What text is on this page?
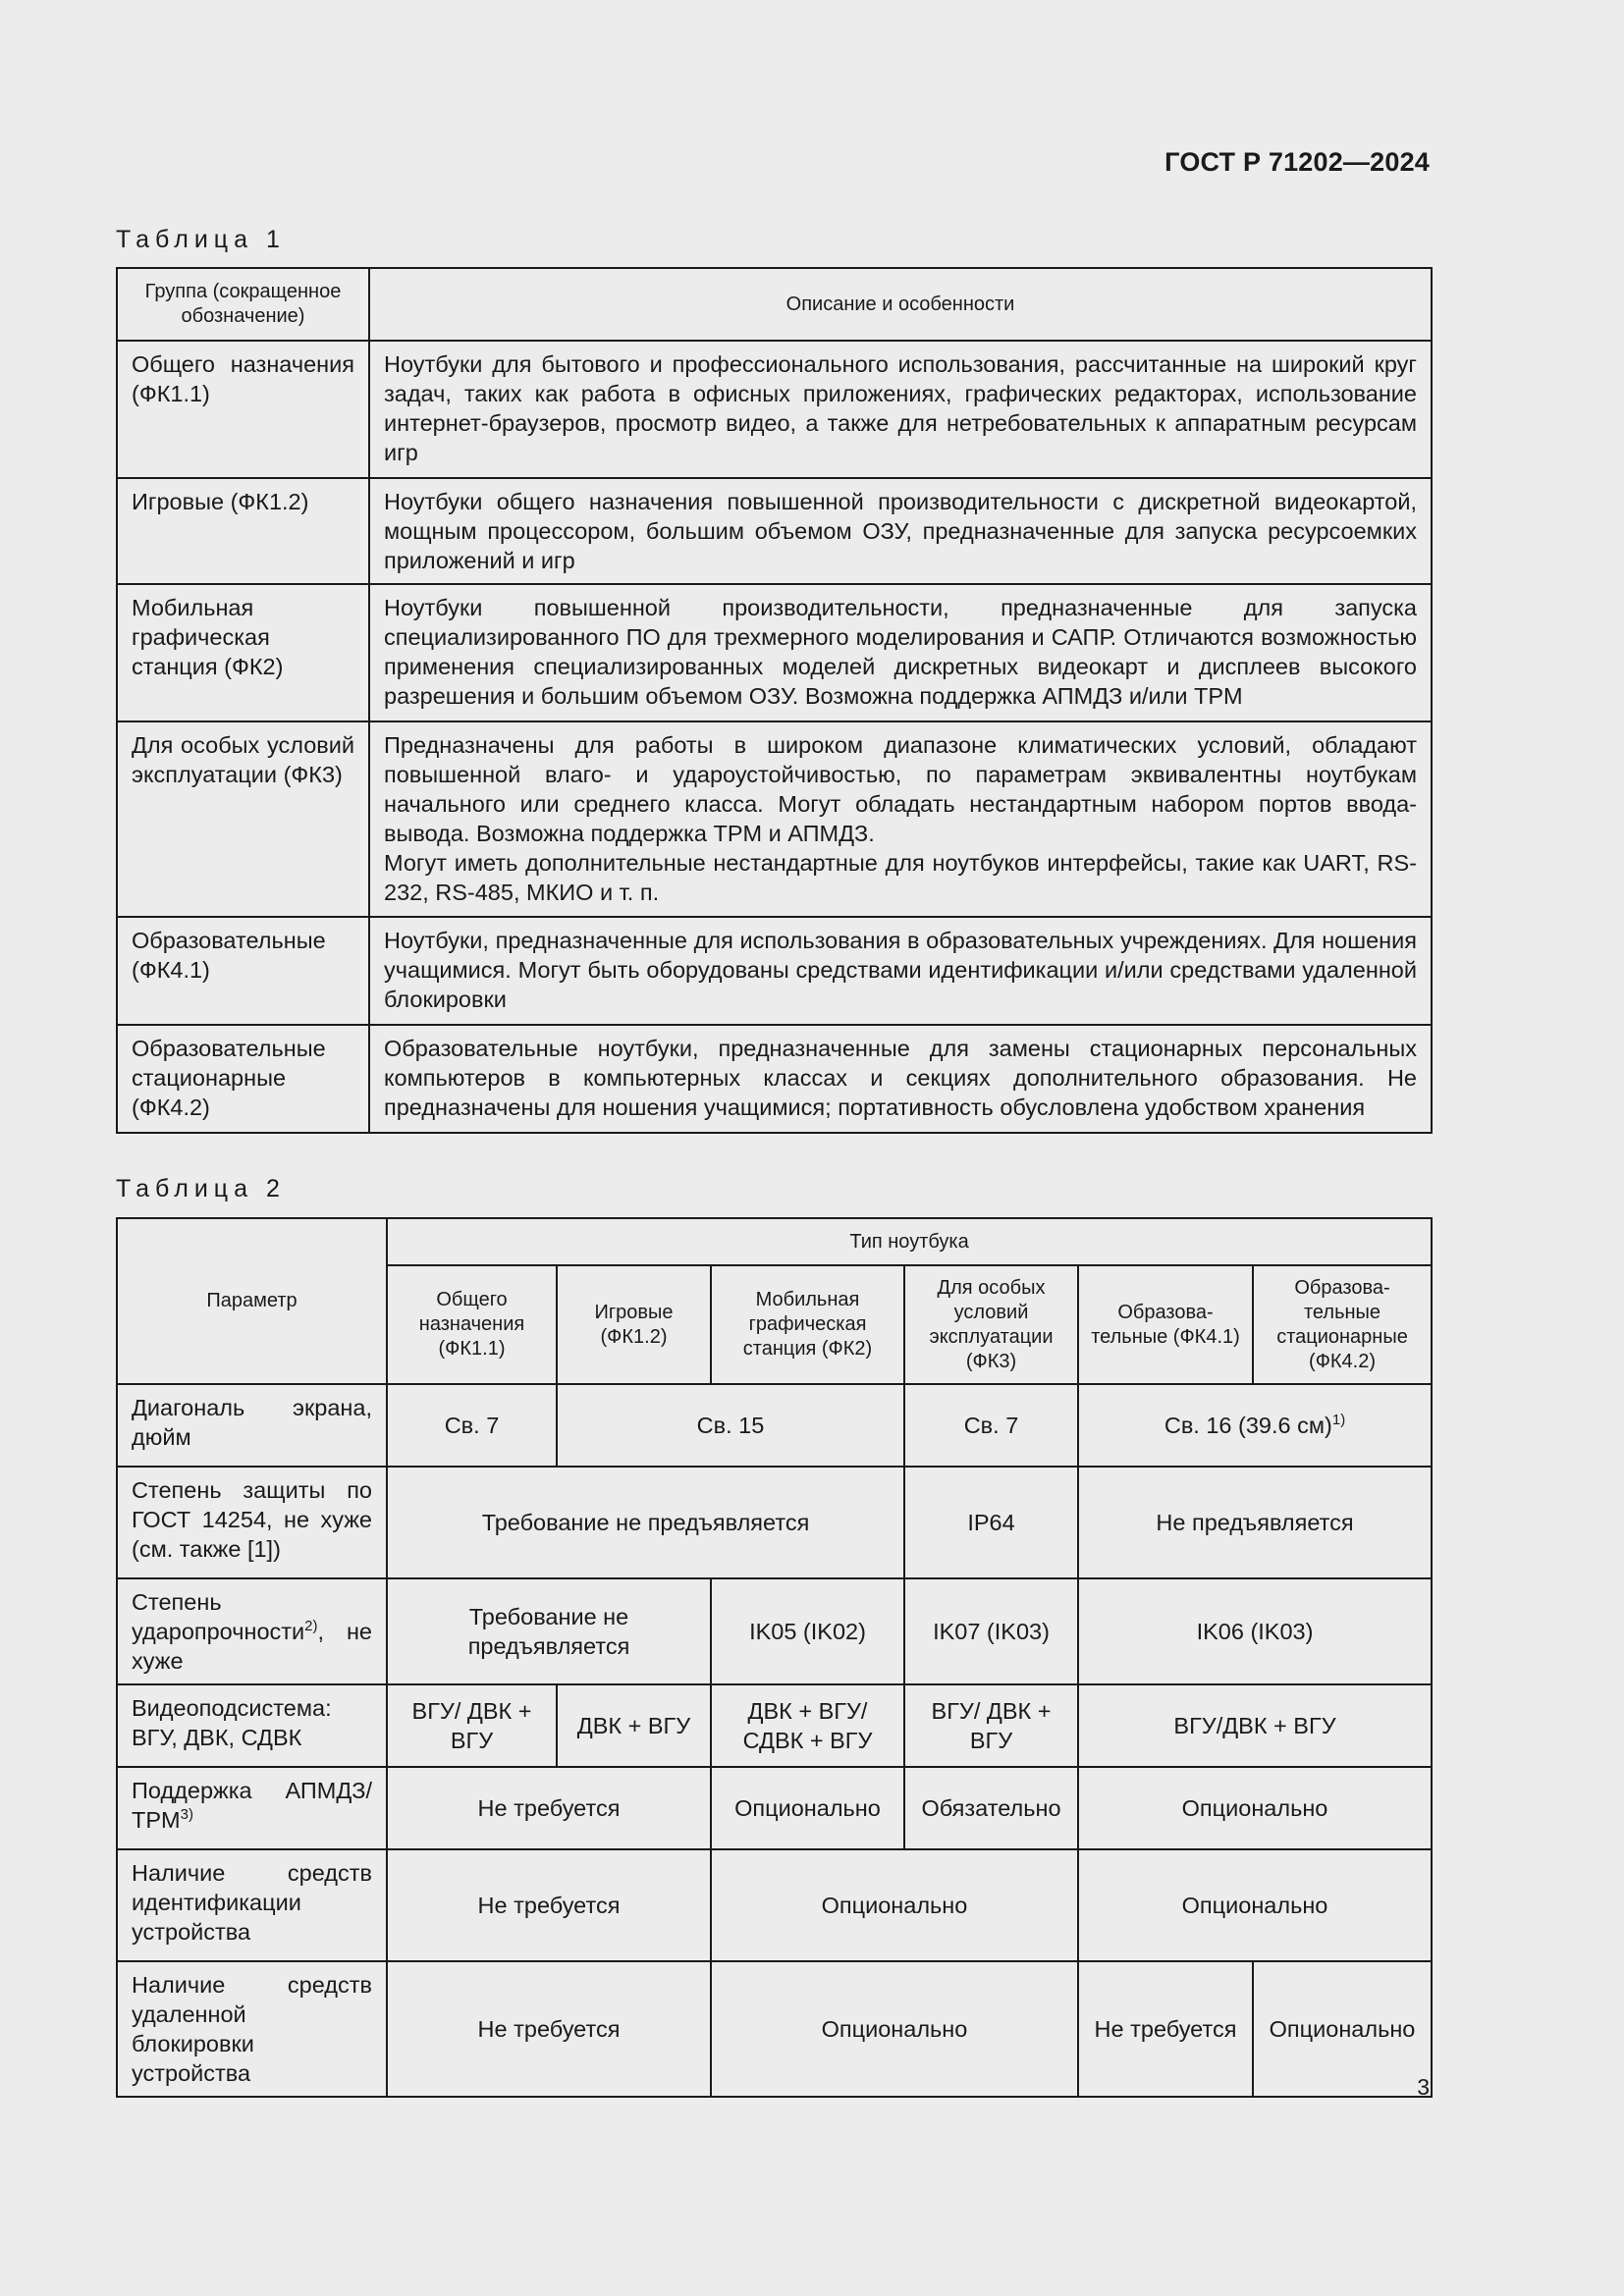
ГОСТ Р 71202—2024
Таблица 1
Группа (сокращенное обозначение)	Описание и особенности
Общего назначения (ФК1.1)	Ноутбуки для бытового и профессионального использования, рассчитанные на широкий круг задач, таких как работа в офисных приложениях, графических редакторах, использование интернет-браузеров, просмотр видео, а также для нетребовательных к аппаратным ресурсам игр
Игровые (ФК1.2)	Ноутбуки общего назначения повышенной производительности с дискретной видеокартой, мощным процессором, большим объемом ОЗУ, предназначенные для запуска ресурсоемких приложений и игр
Мобильная графическая станция (ФК2)	Ноутбуки повышенной производительности, предназначенные для запуска специализированного ПО для трехмерного моделирования и САПР. Отличаются возможностью применения специализированных моделей дискретных видеокарт и дисплеев высокого разрешения и большим объемом ОЗУ. Возможна поддержка АПМДЗ и/или TPM
Для особых условий эксплуатации (ФК3)	Предназначены для работы в широком диапазоне климатических условий, обладают повышенной влаго- и удароустойчивостью, по параметрам эквивалентны ноутбукам начального или среднего класса. Могут обладать нестандартным набором портов ввода-вывода. Возможна поддержка TPM и АПМДЗ.
Могут иметь дополнительные нестандартные для ноутбуков интерфейсы, такие как UART, RS-232, RS-485, МКИО и т. п.

Образовательные (ФК4.1)	Ноутбуки, предназначенные для использования в образовательных учреждениях. Для ношения учащимися. Могут быть оборудованы средствами идентификации и/или средствами удаленной блокировки
Образовательные стационарные (ФК4.2)	Образовательные ноутбуки, предназначенные для замены стационарных персональных компьютеров в компьютерных классах и секциях дополнительного образования. Не предназначены для ношения учащимися; портативность обусловлена удобством хранения
Таблица 2
Параметр	Тип ноутбука					
	Общего назначения (ФК1.1)	Игровые (ФК1.2)	Мобильная графическая станция (ФК2)	Для особых условий эксплуатации (ФК3)	Образова-тельные (ФК4.1)	Образова-тельные стационарные (ФК4.2)
Диагональ экрана, дюйм	Св. 7	Св. 15		Св. 7	Св. 16 (39.6 см)$^{1)}$
Степень защиты по ГОСТ 14254, не хуже (см. также [1])	Требование не предъявляется			IP64	Не предъявляется	
Степень ударопрочности$^{2)}$, не хуже	Требование не предъявляется		IK05 (IK02)	IK07 (IK03)	IK06 (IK03)	
Видеоподсистема: ВГУ, ДВК, СДВК	ВГУ/ ДВК + ВГУ	ДВК + ВГУ	ДВК + ВГУ/ СДВК + ВГУ	ВГУ/ ДВК + ВГУ	ВГУ/ДВК + ВГУ	
Поддержка АПМДЗ/ TPM$^{3)}$	Не требуется		Опционально	Обязательно	Опционально	
Наличие средств идентификации устройства	Не требуется		Опционально		Опционально	
Наличие средств удаленной блокировки устройства	Не требуется		Опционально		Не требуется	Опционально
3
